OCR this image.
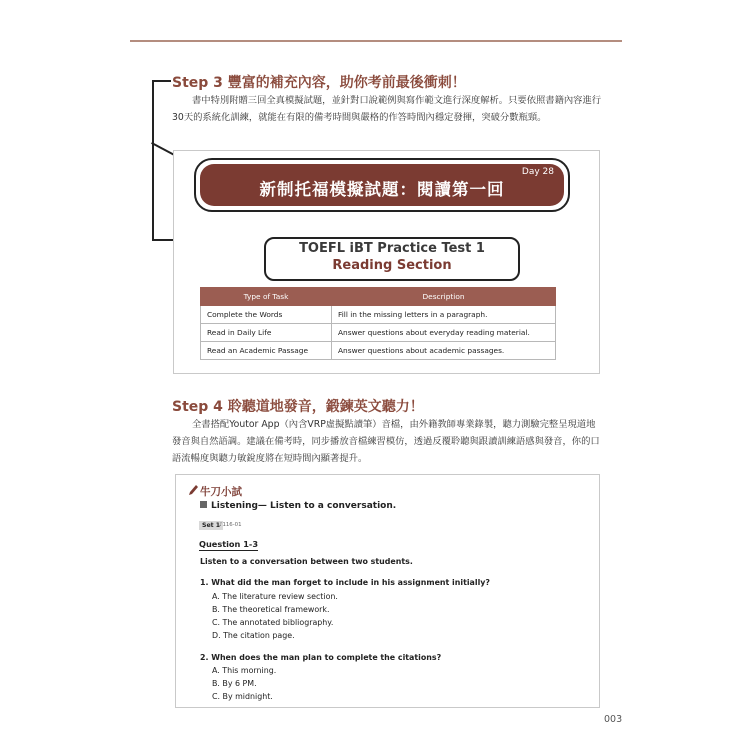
Step 3 豐富的補充內容，助你考前最後衝刺！
書中特別附贈三回全真模擬試題，並針對口說範例與寫作範文進行深度解析。只要依照書籍內容進行30天的系統化訓練，就能在有限的備考時間與嚴格的作答時間內穩定發揮，突破分數瓶頸。
新制托福模擬試題：閱讀第一回
Day 28
TOEFL iBT Practice Test 1
Reading Section
Type of Task	Description
Complete the Words	Fill in the missing letters in a paragraph.
Read in Daily Life	Answer questions about everyday reading material.
Read an Academic Passage	Answer questions about academic passages.
Step 4 聆聽道地發音，鍛鍊英文聽力！
全書搭配Youtor App（內含VRP虛擬點讀筆）音檔，由外籍教師專業錄製，聽力測驗完整呈現道地發音與自然語調。建議在備考時，同步播放音檔練習模仿，透過反覆聆聽與跟讀訓練語感與發音，你的口語流暢度與聽力敏銳度將在短時間內顯著提升。
牛刀小試
Listening— Listen to a conversation.
Set 1
♪116-01
Question 1-3
Listen to a conversation between two students.
1. What did the man forget to include in his assignment initially?
A. The literature review section.
B. The theoretical framework.
C. The annotated bibliography.
D. The citation page.
2. When does the man plan to complete the citations?
A. This morning.
B. By 6 PM.
C. By midnight.
003
